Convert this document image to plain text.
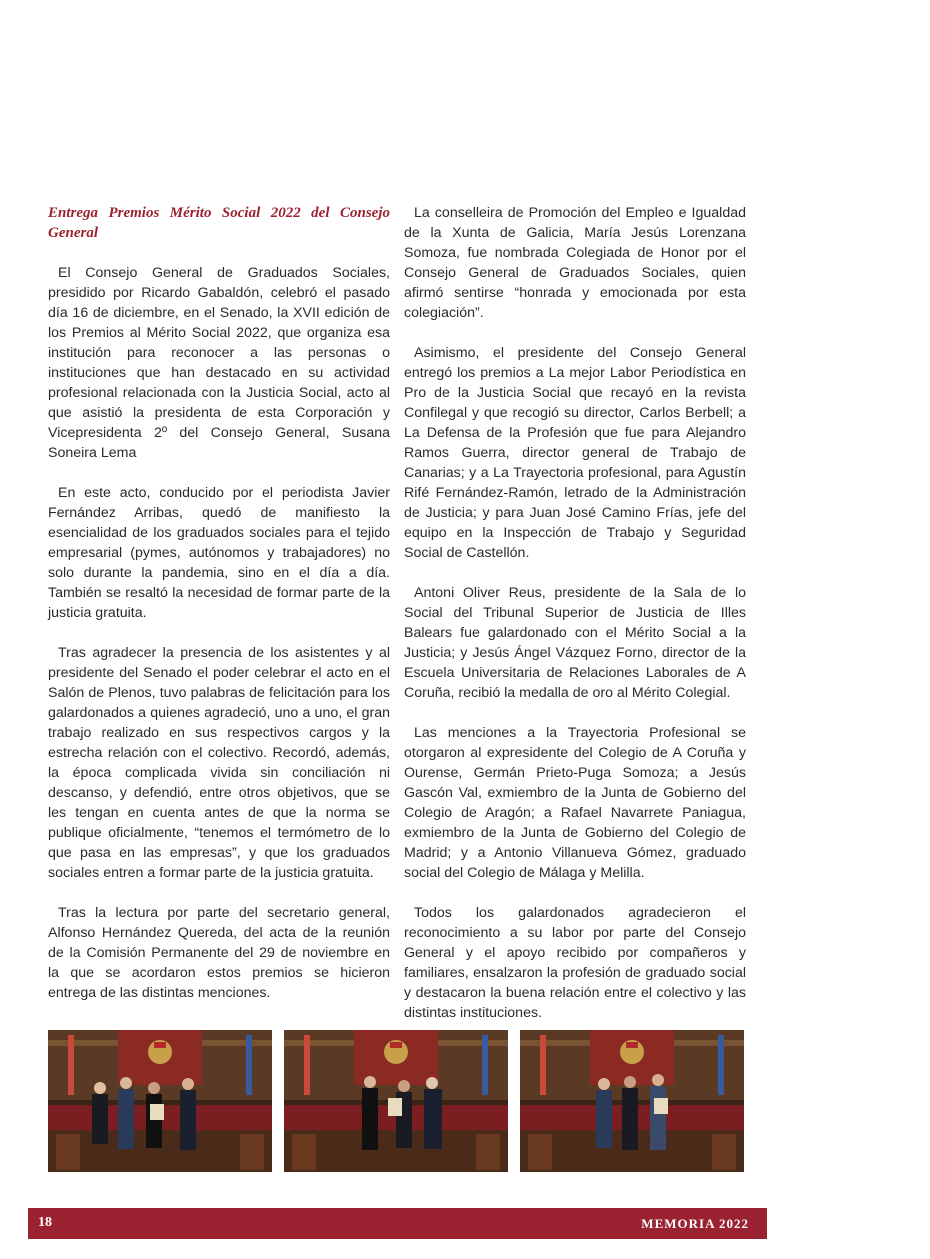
Entrega Premios Mérito Social 2022 del Consejo General

El Consejo General de Graduados Sociales, presidido por Ricardo Gabaldón, celebró el pasado día 16 de diciembre, en el Senado, la XVII edición de los Premios al Mérito Social 2022, que organiza esa institución para reconocer a las personas o instituciones que han destacado en su actividad profesional relacionada con la Justicia Social, acto al que asistió la presidenta de esta Corporación y Vicepresidenta 2º del Consejo General, Susana Soneira Lema

En este acto, conducido por el periodista Javier Fernández Arribas, quedó de manifiesto la esencialidad de los graduados sociales para el tejido empresarial (pymes, autónomos y trabajadores) no solo durante la pandemia, sino en el día a día. También se resaltó la necesidad de formar parte de la justicia gratuita.

Tras agradecer la presencia de los asistentes y al presidente del Senado el poder celebrar el acto en el Salón de Plenos, tuvo palabras de felicitación para los galardonados a quienes agradeció, uno a uno, el gran trabajo realizado en sus respectivos cargos y la estrecha relación con el colectivo. Recordó, además, la época complicada vivida sin conciliación ni descanso, y defendió, entre otros objetivos, que se les tengan en cuenta antes de que la norma se publique oficialmente, “tenemos el termómetro de lo que pasa en las empresas”, y que los graduados sociales entren a formar parte de la justicia gratuita.

Tras la lectura por parte del secretario general, Alfonso Hernández Quereda, del acta de la reunión de la Comisión Permanente del 29 de noviembre en la que se acordaron estos premios se hicieron entrega de las distintas menciones.

La conselleira de Promoción del Empleo e Igualdad de la Xunta de Galicia, María Jesús Lorenzana Somoza, fue nombrada Colegiada de Honor por el Consejo General de Graduados Sociales, quien afirmó sentirse “honrada y emocionada por esta colegiación”.

Asimismo, el presidente del Consejo General entregó los premios a La mejor Labor Periodística en Pro de la Justicia Social que recayó en la revista Confilegal y que recogió su director, Carlos Berbell; a La Defensa de la Profesión que fue para Alejandro Ramos Guerra, director general de Trabajo de Canarias; y a La Trayectoria profesional, para Agustín Rifé Fernández-Ramón, letrado de la Administración de Justicia; y para Juan José Camino Frías, jefe del equipo en la Inspección de Trabajo y Seguridad Social de Castellón.

Antoni Oliver Reus, presidente de la Sala de lo Social del Tribunal Superior de Justicia de Illes Balears fue galardonado con el Mérito Social a la Justicia; y Jesús Ángel Vázquez Forno, director de la Escuela Universitaria de Relaciones Laborales de A Coruña, recibió la medalla de oro al Mérito Colegial.

Las menciones a la Trayectoria Profesional se otorgaron al expresidente del Colegio de A Coruña y Ourense, Germán Prieto-Puga Somoza; a Jesús Gascón Val, exmiembro de la Junta de Gobierno del Colegio de Aragón; a Rafael Navarrete Paniagua, exmiembro de la Junta de Gobierno del Colegio de Madrid; y a Antonio Villanueva Gómez, graduado social del Colegio de Málaga y Melilla.

Todos los galardonados agradecieron el reconocimiento a su labor por parte del Consejo General y el apoyo recibido por compañeros y familiares, ensalzaron la profesión de graduado social y destacaron la buena relación entre el colectivo y las distintas instituciones.

18	MEMORIA 2022
